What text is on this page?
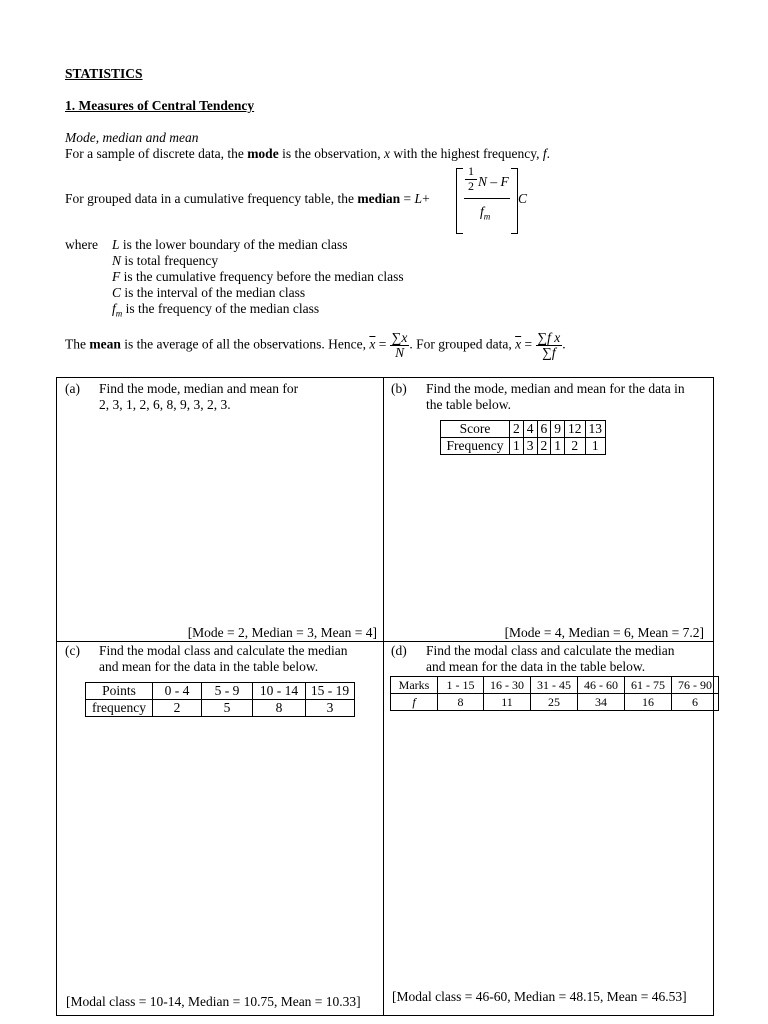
STATISTICS
1. Measures of Central Tendency
Mode, median and mean
For a sample of discrete data, the mode is the observation, x with the highest frequency, f.
For grouped data in a cumulative frequency table, the median = L+
1
2 N – F
$f_m$
C
where L is the lower boundary of the median class
N is total frequency
F is the cumulative frequency before the median class
C is the interval of the median class
$f_m$ is the frequency of the median class
The mean is the average of all the observations. Hence, $\overline{x} = \frac{\sum x}{N}$ . For grouped data, $\overline{x} = \frac{\text{∑f x}}{\sum f}$ .
(a) Find the mode, median and mean for
2, 3, 1, 2, 6, 8, 9, 3, 2, 3.
[Mode = 2, Median = 3, Mean = 4]
(b) Find the mode, median and mean for the data in
the table below.
Score	2	4	6	9	12	13
Frequency	1	3	2	1	2	1
[Mode = 4, Median = 6, Mean = 7.2]
(c) Find the modal class and calculate the median
and mean for the data in the table below.
Points	0 - 4	5 - 9	10 - 14	15 - 19
frequency	2	5	8	3
[Modal class = 10-14, Median = 10.75, Mean = 10.33]
(d) Find the modal class and calculate the median
and mean for the data in the table below.
Marks	1 - 15	16 - 30	31 - 45	46 - 60	61 - 75	76 - 90
f	8	11	25	34	16	6
[Modal class = 46-60, Median = 48.15, Mean = 46.53]
